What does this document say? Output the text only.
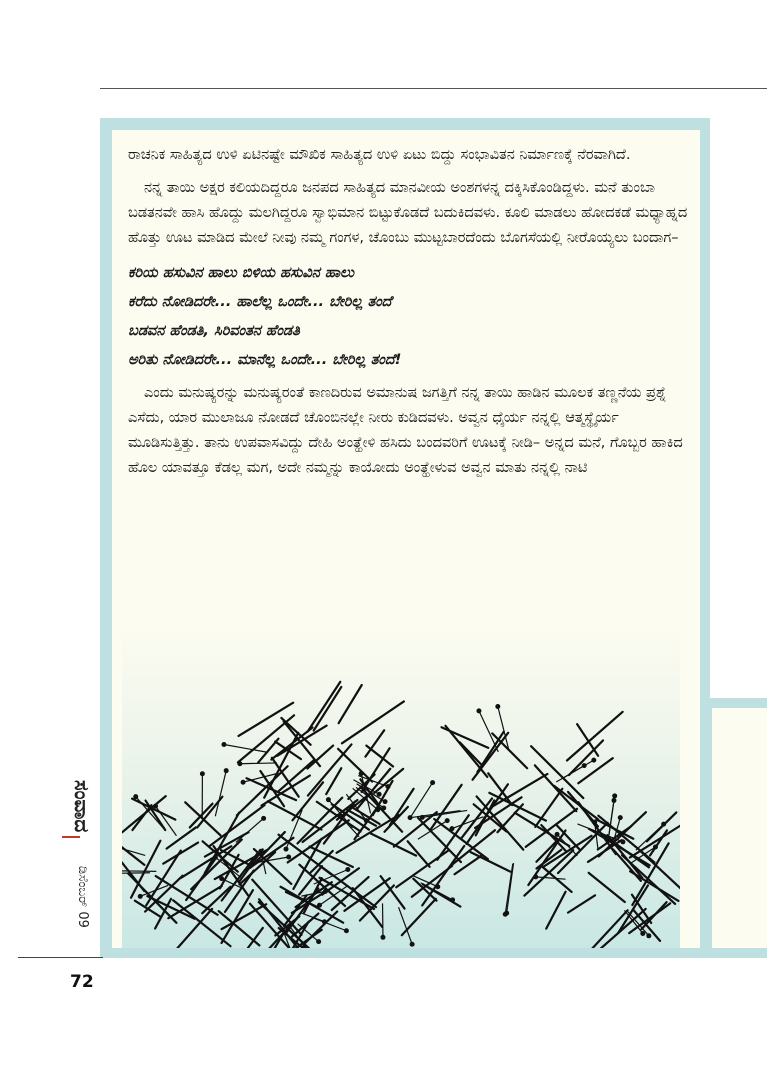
ರಾಚನಿಕ ಸಾಹಿತ್ಯದ ಉಳಿ ಏಟಿನಷ್ಟೇ ಮೌಖಿಕ ಸಾಹಿತ್ಯದ ಉಳಿ ಏಟು ಬಿದ್ದು ಸಂಭಾವಿತನ ನಿರ್ಮಾಣಕ್ಕೆ ನೆರವಾಗಿದೆ.

ನನ್ನ ತಾಯಿ ಅಕ್ಷರ ಕಲಿಯದಿದ್ದರೂ ಜನಪದ ಸಾಹಿತ್ಯದ ಮಾನವೀಯ ಅಂಶಗಳನ್ನ ದಕ್ಕಿಸಿಕೊಂಡಿದ್ದಳು. ಮನೆ ತುಂಬಾ ಬಡತನವೇ ಹಾಸಿ ಹೊದ್ದು ಮಲಗಿದ್ದರೂ ಸ್ವಾಭಿಮಾನ ಬಿಟ್ಟುಕೊಡದೆ ಬದುಕಿದವಳು. ಕೂಲಿ ಮಾಡಲು ಹೋದಕಡೆ ಮಧ್ಯಾಹ್ನದ ಹೊತ್ತು ಊಟ ಮಾಡಿದ ಮೇಲೆ ನೀವು ನಮ್ಮ ಗಂಗಳ, ಚೊಂಬು ಮುಟ್ಟಬಾರದೆಂದು ಬೊಗಸೆಯಲ್ಲಿ ನೀರೊಯ್ಯಲು ಬಂದಾಗ–

ಕರಿಯ ಹಸುವಿನ ಹಾಲು ಬಿಳಿಯ ಹಸುವಿನ ಹಾಲು

ಕರೆದು ನೋಡಿದರೇ... ಹಾಲೆಲ್ಲ ಒಂದೇ... ಬೇರಿಲ್ಲ ತಂದೆ

ಬಡವನ ಹೆಂಡತಿ, ಸಿರಿವಂತನ ಹೆಂಡತಿ

ಅರಿತು ನೋಡಿದರೇ... ಮಾನೆಲ್ಲ ಒಂದೇ... ಬೇರಿಲ್ಲ ತಂದೆ!

ಎಂದು ಮನುಷ್ಯರನ್ನು ಮನುಷ್ಯರಂತೆ ಕಾಣದಿರುವ ಅಮಾನುಷ ಜಗತ್ತಿಗೆ ನನ್ನ ತಾಯಿ ಹಾಡಿನ ಮೂಲಕ ತಣ್ಣನೆಯ ಪ್ರಶ್ನೆ ಎಸೆದು, ಯಾರ ಮುಲಾಜೂ ನೋಡದೆ ಚೊಂಬಿನಲ್ಲೇ ನೀರು ಕುಡಿದವಳು. ಅವ್ವನ ಧೈರ್ಯ ನನ್ನಲ್ಲಿ ಆತ್ಮಸ್ಥೈರ್ಯ ಮೂಡಿಸುತ್ತಿತ್ತು. ತಾನು ಉಪವಾಸವಿದ್ದು ದೇಹಿ ಅಂತ್ಹೇಳಿ ಹಸಿದು ಬಂದವರಿಗೆ ಊಟಕ್ಕೆ ನೀಡಿ– ಅನ್ನದ ಮನೆ, ಗೊಬ್ಬರ ಹಾಕಿದ ಹೊಲ ಯಾವತ್ತೂ ಕೆಡಲ್ಲ ಮಗ, ಅದೇ ನಮ್ಮನ್ನು ಕಾಯೋದು ಅಂತ್ಹೇಳುವ ಅವ್ವನ ಮಾತು ನನ್ನಲ್ಲಿ ನಾಟಿ

ಸಂವಾದ
ಡಿಸೆಂಬರ್ 09
72
